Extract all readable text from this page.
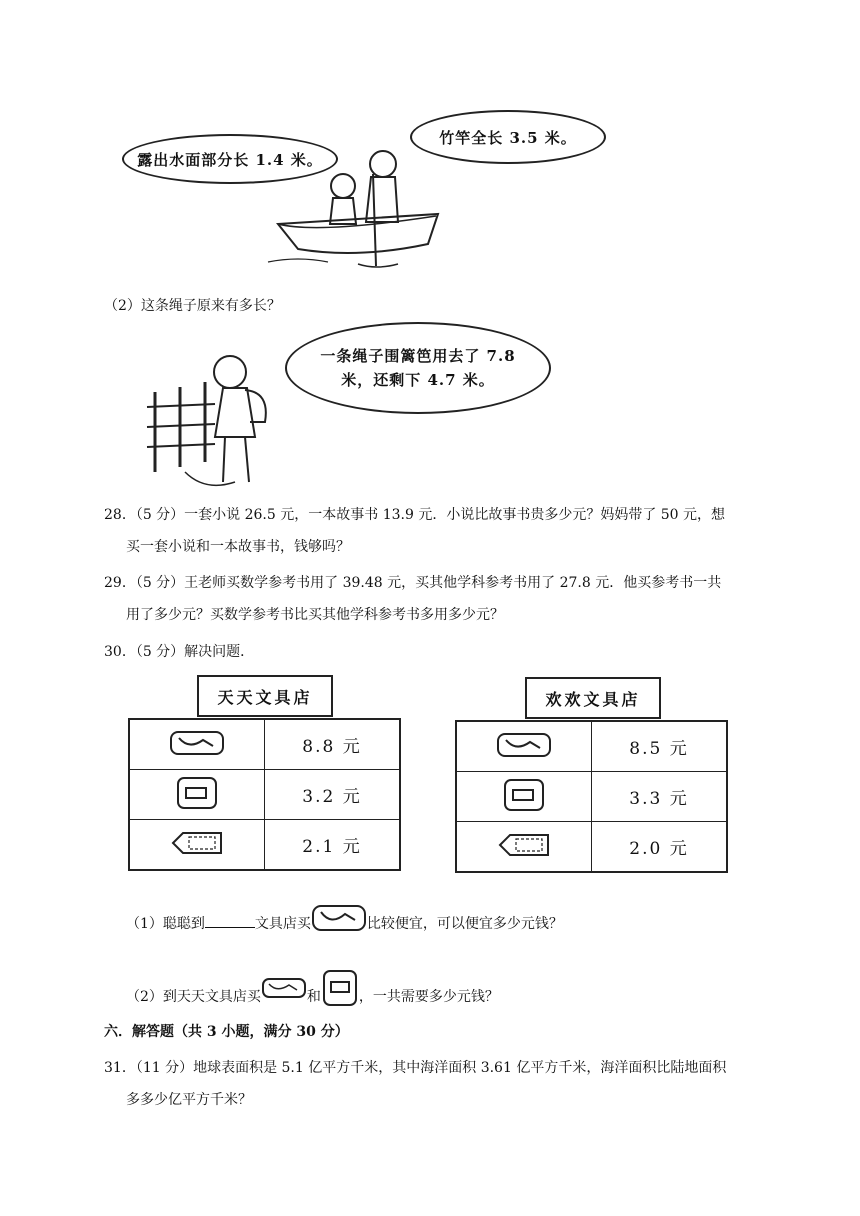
露出水面部分长 1.4 米。
竹竿全长 3.5 米。
（2）这条绳子原来有多长？
一条绳子围篱笆用去了 7.8 米，还剩下 4.7 米。
28．（5 分）一套小说 26.5 元，一本故事书 13.9 元．小说比故事书贵多少元？妈妈带了 50 元，想
买一套小说和一本故事书，钱够吗？
29．（5 分）王老师买数学参考书用了 39.48 元，买其他学科参考书用了 27.8 元．他买参考书一共
用了多少元？买数学参考书比买其他学科参考书多用多少元？
30．（5 分）解决问题．
天天文具店
	8.8 元
	3.2 元
	2.1 元
欢欢文具店
	8.5 元
	3.3 元
	2.0 元
（1）聪聪到	文具店买	比较便宜，可以便宜多少元钱？
（2）到天天文具店买	和	，一共需要多少元钱？
六．解答题（共 3 小题，满分 30 分）
31．（11 分）地球表面积是 5.1 亿平方千米，其中海洋面积 3.61 亿平方千米，海洋面积比陆地面积
多多少亿平方千米？
